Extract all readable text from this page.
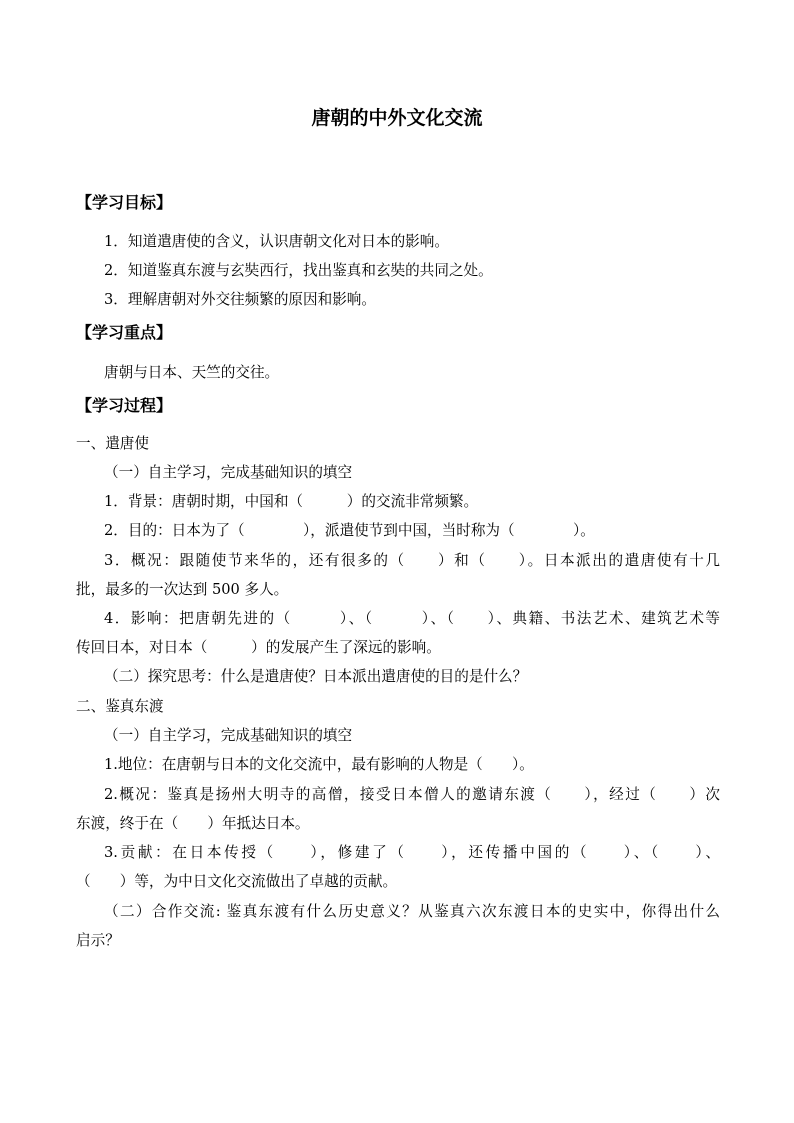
唐朝的中外文化交流
【学习目标】
1．知道遣唐使的含义，认识唐朝文化对日本的影响。
2．知道鉴真东渡与玄奘西行，找出鉴真和玄奘的共同之处。
3．理解唐朝对外交往频繁的原因和影响。
【学习重点】
唐朝与日本、天竺的交往。
【学习过程】
一、遣唐使
（一）自主学习，完成基础知识的填空
1．背景：唐朝时期，中国和（　　　）的交流非常频繁。
2．目的：日本为了（　　　　），派遣使节到中国，当时称为（　　　　）。
3．概况：跟随使节来华的，还有很多的（　　）和（　　）。日本派出的遣唐使有十几
批，最多的一次达到 500 多人。
4．影响：把唐朝先进的（　　　）、（　　　）、（　　）、典籍、书法艺术、建筑艺术等
传回日本，对日本（　　　）的发展产生了深远的影响。
（二）探究思考：什么是遣唐使？日本派出遣唐使的目的是什么？
二、鉴真东渡
（一）自主学习，完成基础知识的填空
1.地位：在唐朝与日本的文化交流中，最有影响的人物是（　　）。
2.概况：鉴真是扬州大明寺的高僧，接受日本僧人的邀请东渡（　　），经过（　　）次
东渡，终于在（　　）年抵达日本。
3.贡献：在日本传授（　　），修建了（　　），还传播中国的（　　）、（　　）、
（　　）等，为中日文化交流做出了卓越的贡献。
（二）合作交流: 鉴真东渡有什么历史意义？从鉴真六次东渡日本的史实中，你得出什么
启示？
